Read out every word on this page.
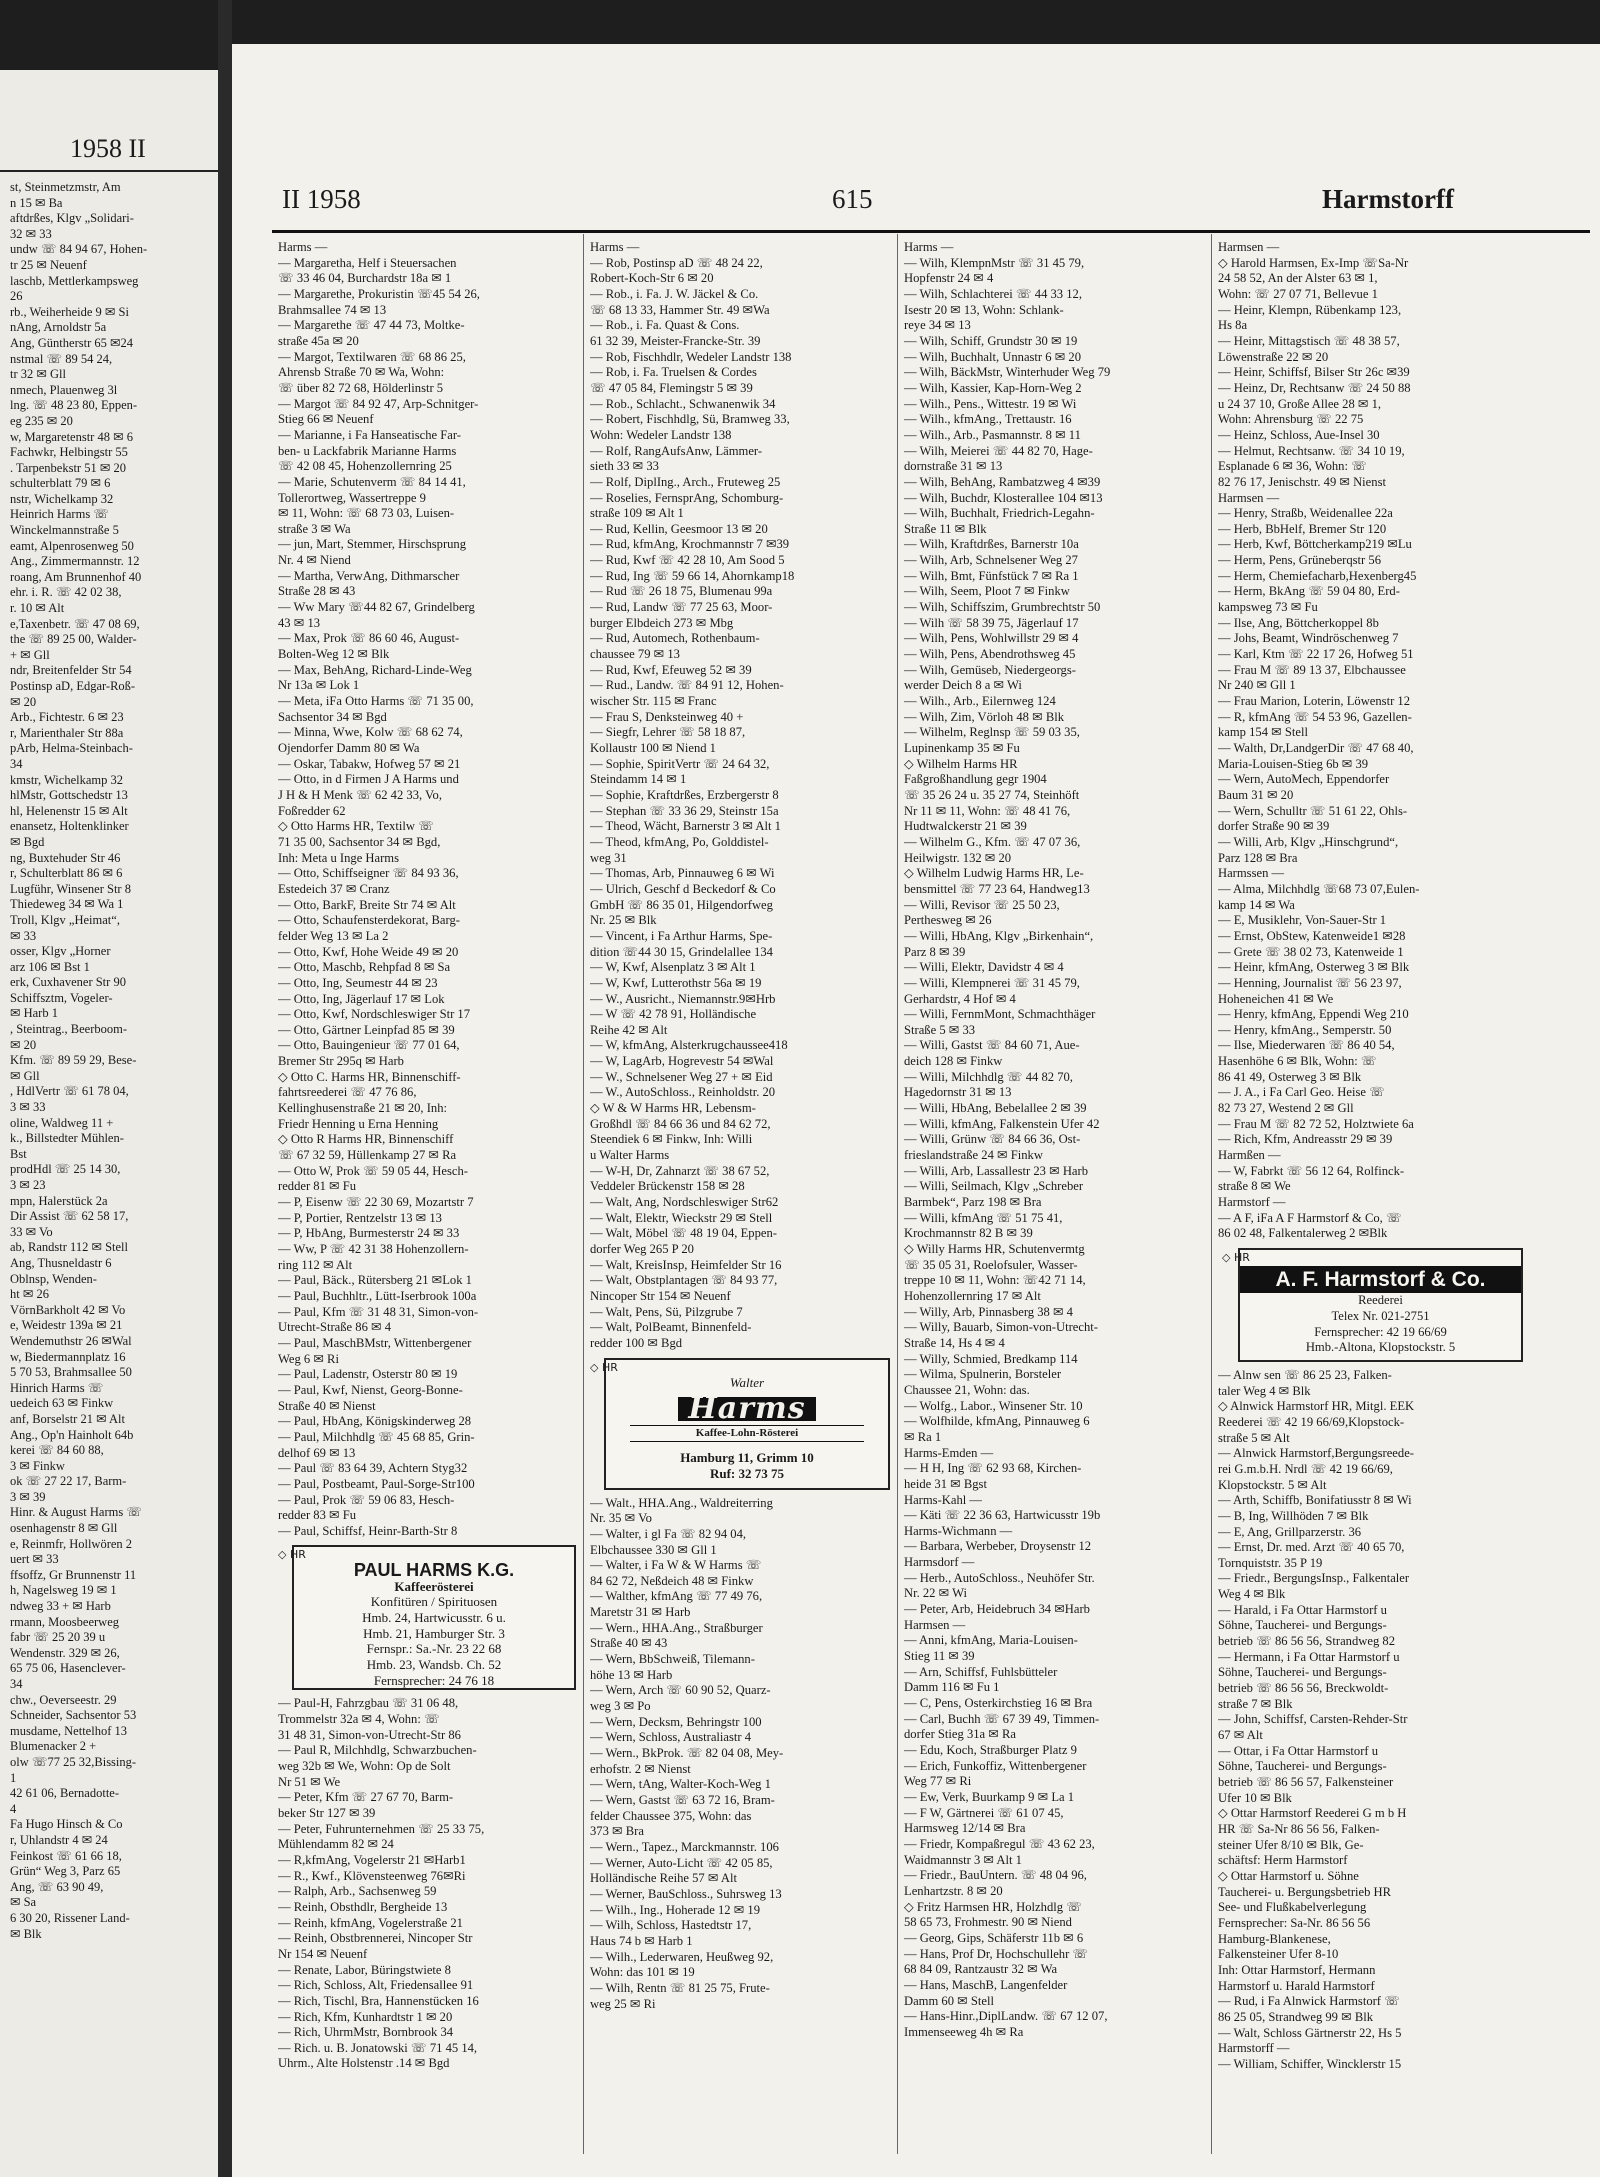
1958 II
st, Steinmetzmstr, Am
n 15 ✉ Ba
aftdrßes, Klgv „Solidari-
32 ✉ 33
undw ☏ 84 94 67, Hohen-
tr 25 ✉ Neuenf
laschb, Mettlerkampsweg
26
rb., Weiherheide 9 ✉ Si
nAng, Arnoldstr 5a
Ang, Güntherstr 65 ✉24
nstmal ☏ 89 54 24,
tr 32 ✉ Gll
nmech, Plauenweg 3l
lng. ☏ 48 23 80, Eppen-
eg 235 ✉ 20
w, Margaretenstr 48 ✉ 6
Fachwkr, Helbingstr 55
. Tarpenbekstr 51 ✉ 20
schulterblatt 79 ✉ 6
nstr, Wichelkamp 32
Heinrich Harms ☏
Winckelmannstraße 5
eamt, Alpenrosenweg 50
Ang., Zimmermannstr. 12
roang, Am Brunnenhof 40
ehr. i. R. ☏ 42 02 38,
r. 10 ✉ Alt
e,Taxenbetr. ☏ 47 08 69,
the ☏ 89 25 00, Walder-
+ ✉ Gll
ndr, Breitenfelder Str 54
Postinsp aD, Edgar-Roß-
✉ 20
Arb., Fichtestr. 6 ✉ 23
r, Marienthaler Str 88a
pArb, Helma-Steinbach-
34
kmstr, Wichelkamp 32
hlMstr, Gottschedstr 13
hl, Helenenstr 15 ✉ Alt
enansetz, Holtenklinker
✉ Bgd
ng, Buxtehuder Str 46
r, Schulterblatt 86 ✉ 6
Lugführ, Winsener Str 8
Thiedeweg 34 ✉ Wa 1
Troll, Klgv „Heimat“,
✉ 33
osser, Klgv „Horner
arz 106 ✉ Bst 1
erk, Cuxhavener Str 90
Schiffsztm, Vogeler-
✉ Harb 1
, Steintrag., Beerboom-
✉ 20
Kfm. ☏ 89 59 29, Bese-
✉ Gll
, HdlVertr ☏ 61 78 04,
3 ✉ 33
oline, Waldweg 11 +
k., Billstedter Mühlen-
Bst
prodHdl ☏ 25 14 30,
3 ✉ 23
mpn, Halerstück 2a
Dir Assist ☏ 62 58 17,
33 ✉ Vo
ab, Randstr 112 ✉ Stell
Ang, Thusneldastr 6
Oblnsp, Wenden-
ht ✉ 26
VörnBarkholt 42 ✉ Vo
e, Weidestr 139a ✉ 21
Wendemuthstr 26 ✉Wal
w, Biedermannplatz 16
5 70 53, Brahmsallee 50
Hinrich Harms ☏
uedeich 63 ✉ Finkw
anf, Borselstr 21 ✉ Alt
Ang., Op'n Hainholt 64b
kerei ☏ 84 60 88,
3 ✉ Finkw
ok ☏ 27 22 17, Barm-
3 ✉ 39
Hinr. & August Harms ☏
osenhagenstr 8 ✉ Gll
e, Reinmfr, Hollwören 2
uert ✉ 33
ffsoffz, Gr Brunnenstr 11
h, Nagelsweg 19 ✉ 1
ndweg 33 + ✉ Harb
rmann, Moosbeerweg
fabr ☏ 25 20 39 u
Wendenstr. 329 ✉ 26,
65 75 06, Hasenclever-
34
chw., Oeverseestr. 29
Schneider, Sachsentor 53
musdame, Nettelhof 13
Blumenacker 2 +
olw ☏77 25 32,Bissing-
1
42 61 06, Bernadotte-
4
Fa Hugo Hinsch & Co
r, Uhlandstr 4 ✉ 24
Feinkost ☏ 61 66 18,
Grün“ Weg 3, Parz 65
Ang, ☏ 63 90 49,
✉ Sa
6 30 20, Rissener Land-
✉ Blk
II 1958	615	Harmstorff
Harms —
— Margaretha, Helf i Steuersachen
☏ 33 46 04, Burchardstr 18a ✉ 1
— Margarethe, Prokuristin ☏45 54 26,
Brahmsallee 74 ✉ 13
— Margarethe ☏ 47 44 73, Moltke-
straße 45a ✉ 20
— Margot, Textilwaren ☏ 68 86 25,
Ahrensb Straße 70 ✉ Wa, Wohn:
☏ über 82 72 68, Hölderlinstr 5
— Margot ☏ 84 92 47, Arp-Schnitger-
Stieg 66 ✉ Neuenf
— Marianne, i Fa Hanseatische Far-
ben- u Lackfabrik Marianne Harms
☏ 42 08 45, Hohenzollernring 25
— Marie, Schutenverm ☏ 84 14 41,
Tollerortweg, Wassertreppe 9
✉ 11, Wohn: ☏ 68 73 03, Luisen-
straße 3 ✉ Wa
— jun, Mart, Stemmer, Hirschsprung
Nr. 4 ✉ Niend
— Martha, VerwAng, Dithmarscher
Straße 28 ✉ 43
— Ww Mary ☏44 82 67, Grindelberg
43 ✉ 13
— Max, Prok ☏ 86 60 46, August-
Bolten-Weg 12 ✉ Blk
— Max, BehAng, Richard-Linde-Weg
Nr 13a ✉ Lok 1
— Meta, iFa Otto Harms ☏ 71 35 00,
Sachsentor 34 ✉ Bgd
— Minna, Wwe, Kolw ☏ 68 62 74,
Ojendorfer Damm 80 ✉ Wa
— Oskar, Tabakw, Hofweg 57 ✉ 21
— Otto, in d Firmen J A Harms und
J H & H Menk ☏ 62 42 33, Vo,
Foßredder 62
◇ Otto Harms HR, Textilw ☏
71 35 00, Sachsentor 34 ✉ Bgd,
Inh: Meta u Inge Harms
— Otto, Schiffseigner ☏ 84 93 36,
Estedeich 37 ✉ Cranz
— Otto, BarkF, Breite Str 74 ✉ Alt
— Otto, Schaufensterdekorat, Barg-
felder Weg 13 ✉ La 2
— Otto, Kwf, Hohe Weide 49 ✉ 20
— Otto, Maschb, Rehpfad 8 ✉ Sa
— Otto, Ing, Seumestr 44 ✉ 23
— Otto, Ing, Jägerlauf 17 ✉ Lok
— Otto, Kwf, Nordschleswiger Str 17
— Otto, Gärtner Leinpfad 85 ✉ 39
— Otto, Bauingenieur ☏ 77 01 64,
Bremer Str 295q ✉ Harb
◇ Otto C. Harms HR, Binnenschiff-
fahrtsreederei ☏ 47 76 86,
Kellinghusenstraße 21 ✉ 20, Inh:
Friedr Henning u Erna Henning
◇ Otto R Harms HR, Binnenschiff
☏ 67 32 59, Hüllenkamp 27 ✉ Ra
— Otto W, Prok ☏ 59 05 44, Hesch-
redder 81 ✉ Fu
— P, Eisenw ☏ 22 30 69, Mozartstr 7
— P, Portier, Rentzelstr 13 ✉ 13
— P, HbAng, Burmesterstr 24 ✉ 33
— Ww, P ☏ 42 31 38 Hohenzollern-
ring 112 ✉ Alt
— Paul, Bäck., Rütersberg 21 ✉Lok 1
— Paul, Buchhltr., Lütt-Iserbrook 100a
— Paul, Kfm ☏ 31 48 31, Simon-von-
Utrecht-Straße 86 ✉ 4
— Paul, MaschBMstr, Wittenbergener
Weg 6 ✉ Ri
— Paul, Ladenstr, Osterstr 80 ✉ 19
— Paul, Kwf, Nienst, Georg-Bonne-
Straße 40 ✉ Nienst
— Paul, HbAng, Königskinderweg 28
— Paul, Milchhdlg ☏ 45 68 85, Grin-
delhof 69 ✉ 13
— Paul ☏ 83 64 39, Achtern Styg32
— Paul, Postbeamt, Paul-Sorge-Str100
— Paul, Prok ☏ 59 06 83, Hesch-
redder 83 ✉ Fu
— Paul, Schiffsf, Heinr-Barth-Str 8
◇ HR
PAUL HARMS K.G.
Kaffeerösterei
Konfitüren / Spirituosen
Hmb. 24, Hartwicusstr. 6 u.
Hmb. 21, Hamburger Str. 3
Fernspr.: Sa.-Nr. 23 22 68
Hmb. 23, Wandsb. Ch. 52
Fernsprecher: 24 76 18
— Paul-H, Fahrzgbau ☏ 31 06 48,
Trommelstr 32a ✉ 4, Wohn: ☏
31 48 31, Simon-von-Utrecht-Str 86
— Paul R, Milchhdlg, Schwarzbuchen-
weg 32b ✉ We, Wohn: Op de Solt
Nr 51 ✉ We
— Peter, Kfm ☏ 27 67 70, Barm-
beker Str 127 ✉ 39
— Peter, Fuhrunternehmen ☏ 25 33 75,
Mühlendamm 82 ✉ 24
— R,kfmAng, Vogelerstr 21 ✉Harb1
— R., Kwf., Klövensteenweg 76✉Ri
— Ralph, Arb., Sachsenweg 59
— Reinh, Obsthdlr, Bergheide 13
— Reinh, kfmAng, Vogelerstraße 21
— Reinh, Obstbrennerei, Nincoper Str
Nr 154 ✉ Neuenf
— Renate, Labor, Büringstwiete 8
— Rich, Schloss, Alt, Friedensallee 91
— Rich, Tischl, Bra, Hannenstücken 16
— Rich, Kfm, Kunhardtstr 1 ✉ 20
— Rich, UhrmMstr, Bornbrook 34
— Rich. u. B. Jonatowski ☏ 71 45 14,
Uhrm., Alte Holstenstr .14 ✉ Bgd
Harms —
— Rob, Postinsp aD ☏ 48 24 22,
Robert-Koch-Str 6 ✉ 20
— Rob., i. Fa. J. W. Jäckel & Co.
☏ 68 13 33, Hammer Str. 49 ✉Wa
— Rob., i. Fa. Quast & Cons.
61 32 39, Meister-Francke-Str. 39
— Rob, Fischhdlr, Wedeler Landstr 138
— Rob, i. Fa. Truelsen & Cordes
☏ 47 05 84, Flemingstr 5 ✉ 39
— Rob., Schlacht., Schwanenwik 34
— Robert, Fischhdlg, Sü, Bramweg 33,
Wohn: Wedeler Landstr 138
— Rolf, RangAufsAnw, Lämmer-
sieth 33 ✉ 33
— Rolf, DiplIng., Arch., Fruteweg 25
— Roselies, FernsprAng, Schomburg-
straße 109 ✉ Alt 1
— Rud, Kellin, Geesmoor 13 ✉ 20
— Rud, kfmAng, Krochmannstr 7 ✉39
— Rud, Kwf ☏ 42 28 10, Am Sood 5
— Rud, Ing ☏ 59 66 14, Ahornkamp18
— Rud ☏ 26 18 75, Blumenau 99a
— Rud, Landw ☏ 77 25 63, Moor-
burger Elbdeich 273 ✉ Mbg
— Rud, Automech, Rothenbaum-
chaussee 79 ✉ 13
— Rud, Kwf, Efeuweg 52 ✉ 39
— Rud., Landw. ☏ 84 91 12, Hohen-
wischer Str. 115 ✉ Franc
— Frau S, Denksteinweg 40 +
— Siegfr, Lehrer ☏ 58 18 87,
Kollaustr 100 ✉ Niend 1
— Sophie, SpiritVertr ☏ 24 64 32,
Steindamm 14 ✉ 1
— Sophie, Kraftdrßes, Erzbergerstr 8
— Stephan ☏ 33 36 29, Steinstr 15a
— Theod, Wächt, Barnerstr 3 ✉ Alt 1
— Theod, kfmAng, Po, Golddistel-
weg 31
— Thomas, Arb, Pinnauweg 6 ✉ Wi
— Ulrich, Geschf d Beckedorf & Co
GmbH ☏ 86 35 01, Hilgendorfweg
Nr. 25 ✉ Blk
— Vincent, i Fa Arthur Harms, Spe-
dition ☏44 30 15, Grindelallee 134
— W, Kwf, Alsenplatz 3 ✉ Alt 1
— W, Kwf, Lutterothstr 56a ✉ 19
— W., Ausricht., Niemannstr.9✉Hrb
— W ☏ 42 78 91, Holländische
Reihe 42 ✉ Alt
— W, kfmAng, Alsterkrugchaussee418
— W, LagArb, Hogrevestr 54 ✉Wal
— W., Schnelsener Weg 27 + ✉ Eid
— W., AutoSchloss., Reinholdstr. 20
◇ W & W Harms HR, Lebensm-
Großhdl ☏ 84 66 36 und 84 62 72,
Steendiek 6 ✉ Finkw, Inh: Willi
u Walter Harms
— W-H, Dr, Zahnarzt ☏ 38 67 52,
Veddeler Brückenstr 158 ✉ 28
— Walt, Ang, Nordschleswiger Str62
— Walt, Elektr, Wieckstr 29 ✉ Stell
— Walt, Möbel ☏ 48 19 04, Eppen-
dorfer Weg 265 P 20
— Walt, KreisInsp, Heimfelder Str 16
— Walt, Obstplantagen ☏ 84 93 77,
Nincoper Str 154 ✉ Neuenf
— Walt, Pens, Sü, Pilzgrube 7
— Walt, PolBeamt, Binnenfeld-
redder 100 ✉ Bgd
◇ HR
Walter
Harms
Kaffee-Lohn-Rösterei
Hamburg 11, Grimm 10
Ruf: 32 73 75
— Walt., HHA.Ang., Waldreiterring
Nr. 35 ✉ Vo
— Walter, i gl Fa ☏ 82 94 04,
Elbchaussee 330 ✉ Gll 1
— Walter, i Fa W & W Harms ☏
84 62 72, Neßdeich 48 ✉ Finkw
— Walther, kfmAng ☏ 77 49 76,
Maretstr 31 ✉ Harb
— Wern., HHA.Ang., Straßburger
Straße 40 ✉ 43
— Wern, BbSchweiß, Tilemann-
höhe 13 ✉ Harb
— Wern, Arch ☏ 60 90 52, Quarz-
weg 3 ✉ Po
— Wern, Decksm, Behringstr 100
— Wern, Schloss, Australiastr 4
— Wern., BkProk. ☏ 82 04 08, Mey-
erhofstr. 2 ✉ Nienst
— Wern, tAng, Walter-Koch-Weg 1
— Wern, Gastst ☏ 63 72 16, Bram-
felder Chaussee 375, Wohn: das
373 ✉ Bra
— Wern., Tapez., Marckmannstr. 106
— Werner, Auto-Licht ☏ 42 05 85,
Holländische Reihe 57 ✉ Alt
— Werner, BauSchloss., Suhrsweg 13
— Wilh., Ing., Hoherade 12 ✉ 19
— Wilh, Schloss, Hastedtstr 17,
Haus 74 b ✉ Harb 1
— Wilh., Lederwaren, Heußweg 92,
Wohn: das 101 ✉ 19
— Wilh, Rentn ☏ 81 25 75, Frute-
weg 25 ✉ Ri
Harms —
— Wilh, KlempnMstr ☏ 31 45 79,
Hopfenstr 24 ✉ 4
— Wilh, Schlachterei ☏ 44 33 12,
Isestr 20 ✉ 13, Wohn: Schlank-
reye 34 ✉ 13
— Wilh, Schiff, Grundstr 30 ✉ 19
— Wilh, Buchhalt, Unnastr 6 ✉ 20
— Wilh, BäckMstr, Winterhuder Weg 79
— Wilh, Kassier, Kap-Horn-Weg 2
— Wilh., Pens., Wittestr. 19 ✉ Wi
— Wilh., kfmAng., Trettaustr. 16
— Wilh., Arb., Pasmannstr. 8 ✉ 11
— Wilh, Meierei ☏ 44 82 70, Hage-
dornstraße 31 ✉ 13
— Wilh, BehAng, Rambatzweg 4 ✉39
— Wilh, Buchdr, Klosterallee 104 ✉13
— Wilh, Buchhalt, Friedrich-Legahn-
Straße 11 ✉ Blk
— Wilh, Kraftdrßes, Barnerstr 10a
— Wilh, Arb, Schnelsener Weg 27
— Wilh, Bmt, Fünfstück 7 ✉ Ra 1
— Wilh, Seem, Ploot 7 ✉ Finkw
— Wilh, Schiffszim, Grumbrechtstr 50
— Wilh ☏ 58 39 75, Jägerlauf 17
— Wilh, Pens, Wohlwillstr 29 ✉ 4
— Wilh, Pens, Abendrothsweg 45
— Wilh, Gemüseb, Niedergeorgs-
werder Deich 8 a ✉ Wi
— Wilh., Arb., Eilernweg 124
— Wilh, Zim, Vörloh 48 ✉ Blk
— Wilhelm, Reglnsp ☏ 59 03 35,
Lupinenkamp 35 ✉ Fu
◇ Wilhelm Harms HR
Faßgroßhandlung gegr 1904
☏ 35 26 24 u. 35 27 74, Steinhöft
Nr 11 ✉ 11, Wohn: ☏ 48 41 76,
Hudtwalckerstr 21 ✉ 39
— Wilhelm G., Kfm. ☏ 47 07 36,
Heilwigstr. 132 ✉ 20
◇ Wilhelm Ludwig Harms HR, Le-
bensmittel ☏ 77 23 64, Handweg13
— Willi, Revisor ☏ 25 50 23,
Perthesweg ✉ 26
— Willi, HbAng, Klgv „Birkenhain“,
Parz 8 ✉ 39
— Willi, Elektr, Davidstr 4 ✉ 4
— Willi, Klempnerei ☏ 31 45 79,
Gerhardstr, 4 Hof ✉ 4
— Willi, FernmMont, Schmachthäger
Straße 5 ✉ 33
— Willi, Gastst ☏ 84 60 71, Aue-
deich 128 ✉ Finkw
— Willi, Milchhdlg ☏ 44 82 70,
Hagedornstr 31 ✉ 13
— Willi, HbAng, Bebelallee 2 ✉ 39
— Willi, kfmAng, Falkenstein Ufer 42
— Willi, Grünw ☏ 84 66 36, Ost-
frieslandstraße 24 ✉ Finkw
— Willi, Arb, Lassallestr 23 ✉ Harb
— Willi, Seilmach, Klgv „Schreber
Barmbek“, Parz 198 ✉ Bra
— Willi, kfmAng ☏ 51 75 41,
Krochmannstr 82 B ✉ 39
◇ Willy Harms HR, Schutenvermtg
☏ 35 05 31, Roelofsuler, Wasser-
treppe 10 ✉ 11, Wohn: ☏42 71 14,
Hohenzollernring 17 ✉ Alt
— Willy, Arb, Pinnasberg 38 ✉ 4
— Willy, Bauarb, Simon-von-Utrecht-
Straße 14, Hs 4 ✉ 4
— Willy, Schmied, Bredkamp 114
— Wilma, Spulnerin, Borsteler
Chaussee 21, Wohn: das.
— Wolfg., Labor., Winsener Str. 10
— Wolfhilde, kfmAng, Pinnauweg 6
✉ Ra 1
Harms-Emden —
— H H, Ing ☏ 62 93 68, Kirchen-
heide 31 ✉ Bgst
Harms-Kahl —
— Käti ☏ 22 36 63, Hartwicusstr 19b
Harms-Wichmann —
— Barbara, Werbeber, Droysenstr 12
Harmsdorf —
— Herb., AutoSchloss., Neuhöfer Str.
Nr. 22 ✉ Wi
— Peter, Arb, Heidebruch 34 ✉Harb
Harmsen —
— Anni, kfmAng, Maria-Louisen-
Stieg 11 ✉ 39
— Arn, Schiffsf, Fuhlsbütteler
Damm 116 ✉ Fu 1
— C, Pens, Osterkirchstieg 16 ✉ Bra
— Carl, Buchh ☏ 67 39 49, Timmen-
dorfer Stieg 31a ✉ Ra
— Edu, Koch, Straßburger Platz 9
— Erich, Funkoffiz, Wittenbergener
Weg 77 ✉ Ri
— Ew, Verk, Buurkamp 9 ✉ La 1
— F W, Gärtnerei ☏ 61 07 45,
Harmsweg 12/14 ✉ Bra
— Friedr, Kompaßregul ☏ 43 62 23,
Waidmannstr 3 ✉ Alt 1
— Friedr., BauUntern. ☏ 48 04 96,
Lenhartzstr. 8 ✉ 20
◇ Fritz Harmsen HR, Holzhdlg ☏
58 65 73, Frohmestr. 90 ✉ Niend
— Georg, Gips, Schäferstr 11b ✉ 6
— Hans, Prof Dr, Hochschullehr ☏
68 84 09, Rantzaustr 32 ✉ Wa
— Hans, MaschB, Langenfelder
Damm 60 ✉ Stell
— Hans-Hinr.,DiplLandw. ☏ 67 12 07,
Immenseeweg 4h ✉ Ra
Harmsen —
◇ Harold Harmsen, Ex-Imp ☏Sa-Nr
24 58 52, An der Alster 63 ✉ 1,
Wohn: ☏ 27 07 71, Bellevue 1
— Heinr, Klempn, Rübenkamp 123,
Hs 8a
— Heinr, Mittagstisch ☏ 48 38 57,
Löwenstraße 22 ✉ 20
— Heinr, Schiffsf, Bilser Str 26c ✉39
— Heinz, Dr, Rechtsanw ☏ 24 50 88
u 24 37 10, Große Allee 28 ✉ 1,
Wohn: Ahrensburg ☏ 22 75
— Heinz, Schloss, Aue-Insel 30
— Helmut, Rechtsanw. ☏ 34 10 19,
Esplanade 6 ✉ 36, Wohn: ☏
82 76 17, Jenischstr. 49 ✉ Nienst
Harmsen —
— Henry, Straßb, Weidenallee 22a
— Herb, BbHelf, Bremer Str 120
— Herb, Kwf, Böttcherkamp219 ✉Lu
— Herm, Pens, Grüneberqstr 56
— Herm, Chemiefacharb,Hexenberg45
— Herm, BkAng ☏ 59 04 80, Erd-
kampsweg 73 ✉ Fu
— Ilse, Ang, Böttcherkoppel 8b
— Johs, Beamt, Windröschenweg 7
— Karl, Ktm ☏ 22 17 26, Hofweg 51
— Frau M ☏ 89 13 37, Elbchaussee
Nr 240 ✉ Gll 1
— Frau Marion, Loterin, Löwenstr 12
— R, kfmAng ☏ 54 53 96, Gazellen-
kamp 154 ✉ Stell
— Walth, Dr,LandgerDir ☏ 47 68 40,
Maria-Louisen-Stieg 6b ✉ 39
— Wern, AutoMech, Eppendorfer
Baum 31 ✉ 20
— Wern, Schulltr ☏ 51 61 22, Ohls-
dorfer Straße 90 ✉ 39
— Willi, Arb, Klgv „Hinschgrund“,
Parz 128 ✉ Bra
Harmssen —
— Alma, Milchhdlg ☏68 73 07,Eulen-
kamp 14 ✉ Wa
— E, Musiklehr, Von-Sauer-Str 1
— Ernst, ObStew, Katenweide1 ✉28
— Grete ☏ 38 02 73, Katenweide 1
— Heinr, kfmAng, Osterweg 3 ✉ Blk
— Henning, Journalist ☏ 56 23 97,
Hoheneichen 41 ✉ We
— Henry, kfmAng, Eppendi Weg 210
— Henry, kfmAng., Semperstr. 50
— Ilse, Miederwaren ☏ 86 40 54,
Hasenhöhe 6 ✉ Blk, Wohn: ☏
86 41 49, Osterweg 3 ✉ Blk
— J. A., i Fa Carl Geo. Heise ☏
82 73 27, Westend 2 ✉ Gll
— Frau M ☏ 82 72 52, Holztwiete 6a
— Rich, Kfm, Andreasstr 29 ✉ 39
Harmßen —
— W, Fabrkt ☏ 56 12 64, Rolfinck-
straße 8 ✉ We
Harmstorf —
— A F, iFa A F Harmstorf & Co, ☏
86 02 48, Falkentalerweg 2 ✉Blk
◇ HR
A. F. Harmstorf & Co.
Reederei
Telex Nr. 021-2751
Fernsprecher: 42 19 66/69
Hmb.-Altona, Klopstockstr. 5
— Alnw sen ☏ 86 25 23, Falken-
taler Weg 4 ✉ Blk
◇ Alnwick Harmstorf HR, Mitgl. EEK
Reederei ☏ 42 19 66/69,Klopstock-
straße 5 ✉ Alt
— Alnwick Harmstorf,Bergungsreede-
rei G.m.b.H. Nrdl ☏ 42 19 66/69,
Klopstockstr. 5 ✉ Alt
— Arth, Schiffb, Bonifatiusstr 8 ✉ Wi
— B, Ing, Willhöden 7 ✉ Blk
— E, Ang, Grillparzerstr. 36
— Ernst, Dr. med. Arzt ☏ 40 65 70,
Tornquiststr. 35 P 19
— Friedr., BergungsInsp., Falkentaler
Weg 4 ✉ Blk
— Harald, i Fa Ottar Harmstorf u
Söhne, Taucherei- und Bergungs-
betrieb ☏ 86 56 56, Strandweg 82
— Hermann, i Fa Ottar Harmstorf u
Söhne, Taucherei- und Bergungs-
betrieb ☏ 86 56 56, Breckwoldt-
straße 7 ✉ Blk
— John, Schiffsf, Carsten-Rehder-Str
67 ✉ Alt
— Ottar, i Fa Ottar Harmstorf u
Söhne, Taucherei- und Bergungs-
betrieb ☏ 86 56 57, Falkensteiner
Ufer 10 ✉ Blk
◇ Ottar Harmstorf Reederei G m b H
HR ☏ Sa-Nr 86 56 56, Falken-
steiner Ufer 8/10 ✉ Blk, Ge-
schäftsf: Herm Harmstorf
◇ Ottar Harmstorf u. Söhne
Taucherei- u. Bergungsbetrieb HR
See- und Flußkabelverlegung
Fernsprecher: Sa-Nr. 86 56 56
Hamburg-Blankenese,
Falkensteiner Ufer 8-10
Inh: Ottar Harmstorf, Hermann
Harmstorf u. Harald Harmstorf
— Rud, i Fa Alnwick Harmstorf ☏
86 25 05, Strandweg 99 ✉ Blk
— Walt, Schloss Gärtnerstr 22, Hs 5
Harmstorff —
— William, Schiffer, Wincklerstr 15
